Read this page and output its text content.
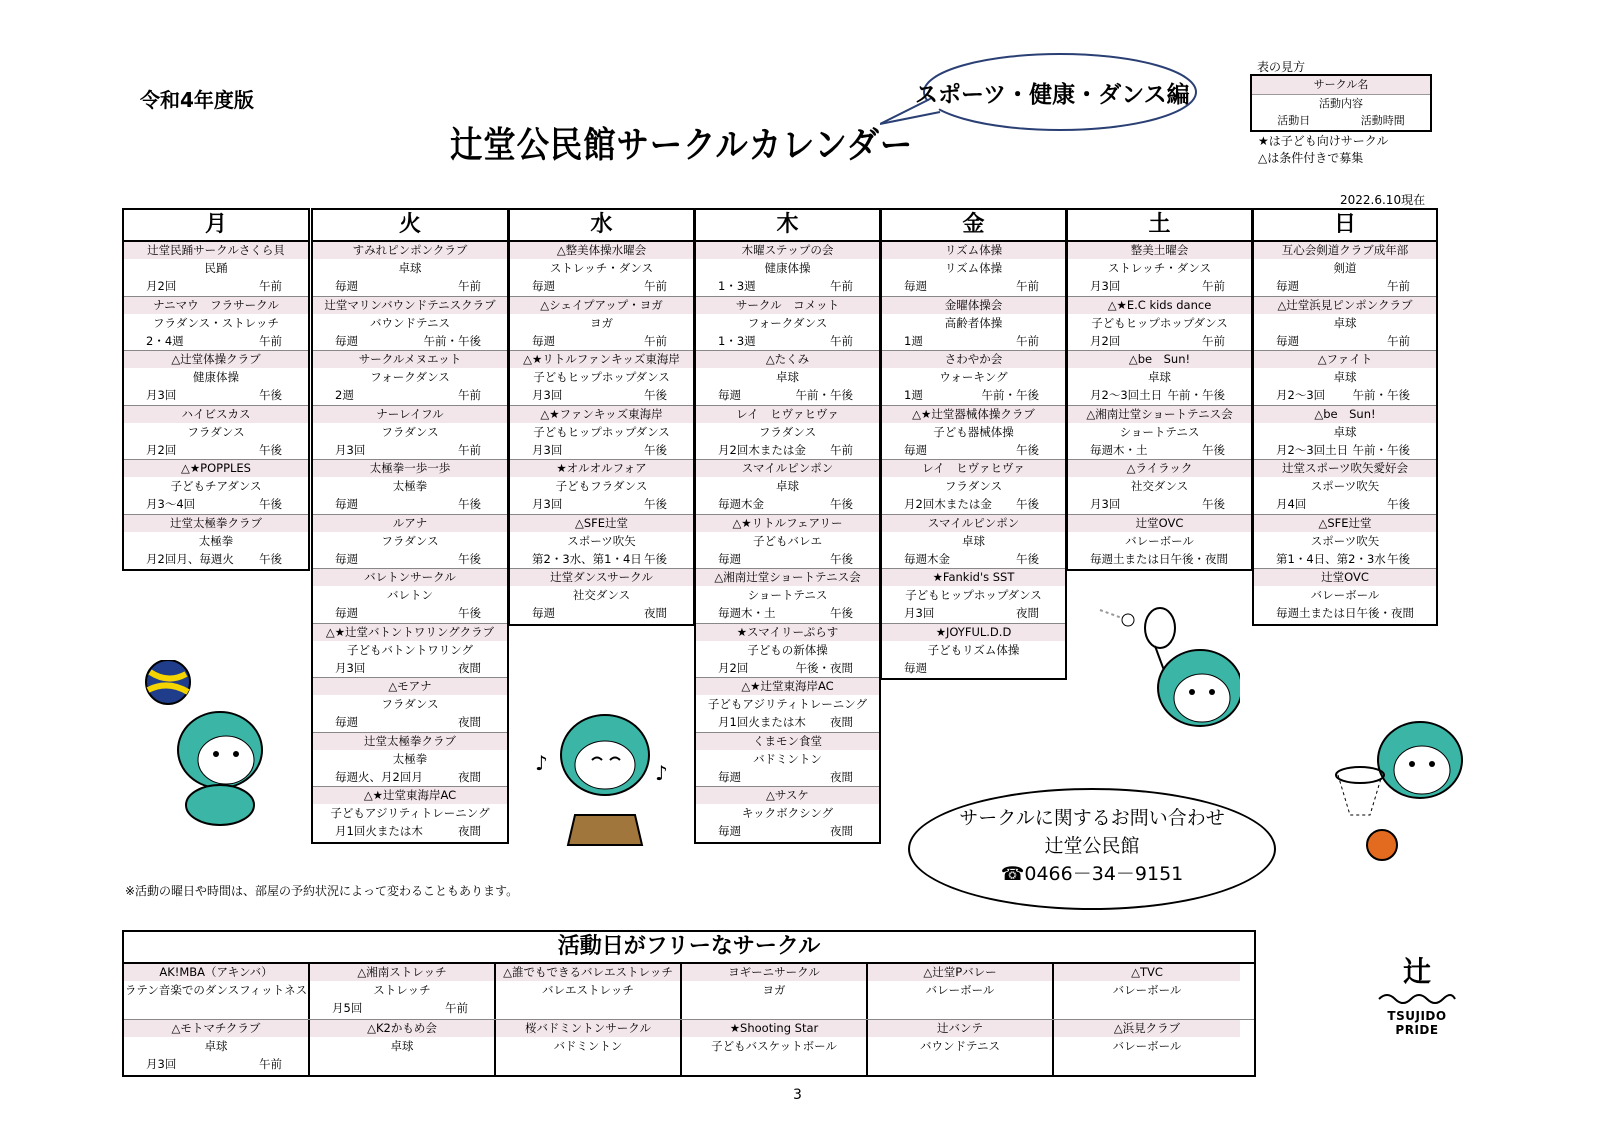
令和4年度版
辻堂公民館サークルカレンダー
スポーツ・健康・ダンス編
表の見方
サークル名
活動内容
活動日	活動時間
★は子ども向けサークル
△は条件付きで募集
2022.6.10現在
月
辻堂民踊サークルさくら貝
民踊
月2回	午前
ナニマウ　フラサークル
フラダンス・ストレッチ
2・4週	午前
△辻堂体操クラブ
健康体操
月3回	午後
ハイビスカス
フラダンス
月2回	午後
△★POPPLES
子どもチアダンス
月3～4回	午後
辻堂太極拳クラブ
太極拳
月2回月、毎週火 午後
火
すみれピンポンクラブ
卓球
毎週	午前
辻堂マリンバウンドテニスクラブ
バウンドテニス
毎週	午前・午後
サークルメヌエット
フォークダンス
2週	午前
ナーレイフル
フラダンス
月3回	午前
太極拳一歩一歩
太極拳
毎週	午後
ルアナ
フラダンス
毎週	午後
バレトンサークル
バレトン
毎週	午後
△★辻堂バトントワリングクラブ
子どもバトントワリング
月3回	夜間
△モアナ
フラダンス
毎週	夜間
辻堂太極拳クラブ
太極拳
毎週火、月2回月	夜間
△★辻堂東海岸AC
子どもアジリティトレーニング
月1回火または木	夜間
水
△整美体操水曜会
ストレッチ・ダンス
毎週	午前
△シェイプアップ・ヨガ
ヨガ
毎週	午前
△★リトルファンキッズ東海岸
子どもヒップホップダンス
月3回	午後
△★ファンキッズ東海岸
子どもヒップホップダンス
月3回	午後
★オルオルフォア
子どもフラダンス
月3回	午後
△SFE辻堂
スポーツ吹矢
第2・3水、第1・4日 午後
辻堂ダンスサークル
社交ダンス
毎週	夜間
木
木曜ステップの会
健康体操
1・3週	午前
サークル　コメット
フォークダンス
1・3週	午前
△たくみ
卓球
毎週	午前・午後
レイ　ヒヴァヒヴァ
フラダンス
月2回木または金 午前
スマイルピンポン
卓球
毎週木金	午後
△★リトルフェアリー
子どもバレエ
毎週	午後
△湘南辻堂ショートテニス会
ショートテニス
毎週木・土	午後
★スマイリーぷらす
子どもの新体操
月2回	午後・夜間
△★辻堂東海岸AC
子どもアジリティトレーニング
月1回火または木 夜間
くまモン食堂
バドミントン
毎週	夜間
△サスケ
キックボクシング
毎週	夜間
金
リズム体操
リズム体操
毎週	午前
金曜体操会
高齢者体操
1週	午前
さわやか会
ウォーキング
1週	午前・午後
△★辻堂器械体操クラブ
子ども器械体操
毎週	午後
レイ　ヒヴァヒヴァ
フラダンス
月2回木または金 午後
スマイルピンポン
卓球
毎週木金	午後
★Fankid's SST
子どもヒップホップダンス
月3回	夜間
★JOYFUL.D.D
子どもリズム体操
毎週
土
整美土曜会
ストレッチ・ダンス
月3回	午前
△★E.C kids dance
子どもヒップホップダンス
月2回	午前
△be　Sun!
卓球
月2～3回土日 午前・午後
△湘南辻堂ショートテニス会
ショートテニス
毎週木・土	午後
△ライラック
社交ダンス
月3回	午後
辻堂OVC
バレーボール
毎週土または日 午後・夜間
日
互心会剣道クラブ成年部
剣道
毎週	午前
△辻堂浜見ピンポンクラブ
卓球
毎週	午前
△ファイト
卓球
月2～3回 午前・午後
△be　Sun!
卓球
月2～3回土日 午前・午後
辻堂スポーツ吹矢愛好会
スポーツ吹矢
月4回	午後
△SFE辻堂
スポーツ吹矢
第1・4日、第2・3水 午後
辻堂OVC
バレーボール
毎週土または日 午後・夜間
※活動の曜日や時間は、部屋の予約状況によって変わることもあります。
♪	♪
サークルに関するお問い合わせ
辻堂公民館
☎0466－34－9151
活動日がフリーなサークル
AK!MBA（アキンバ）
ラテン音楽でのダンスフィットネス
△湘南ストレッチ
ストレッチ
月5回	午前
△誰でもできるバレエストレッチ
バレエストレッチ
ヨギーニサークル
ヨガ
△辻堂Pバレー
バレーボール
△TVC
バレーボール
△モトマチクラブ
卓球
月3回	午前
△K2かもめ会
卓球
桜バドミントンサークル
バドミントン
★Shooting Star
子どもバスケットボール
辻バンテ
バウンドテニス
△浜見クラブ
バレーボール
辻
TSUJIDO PRIDE
3
